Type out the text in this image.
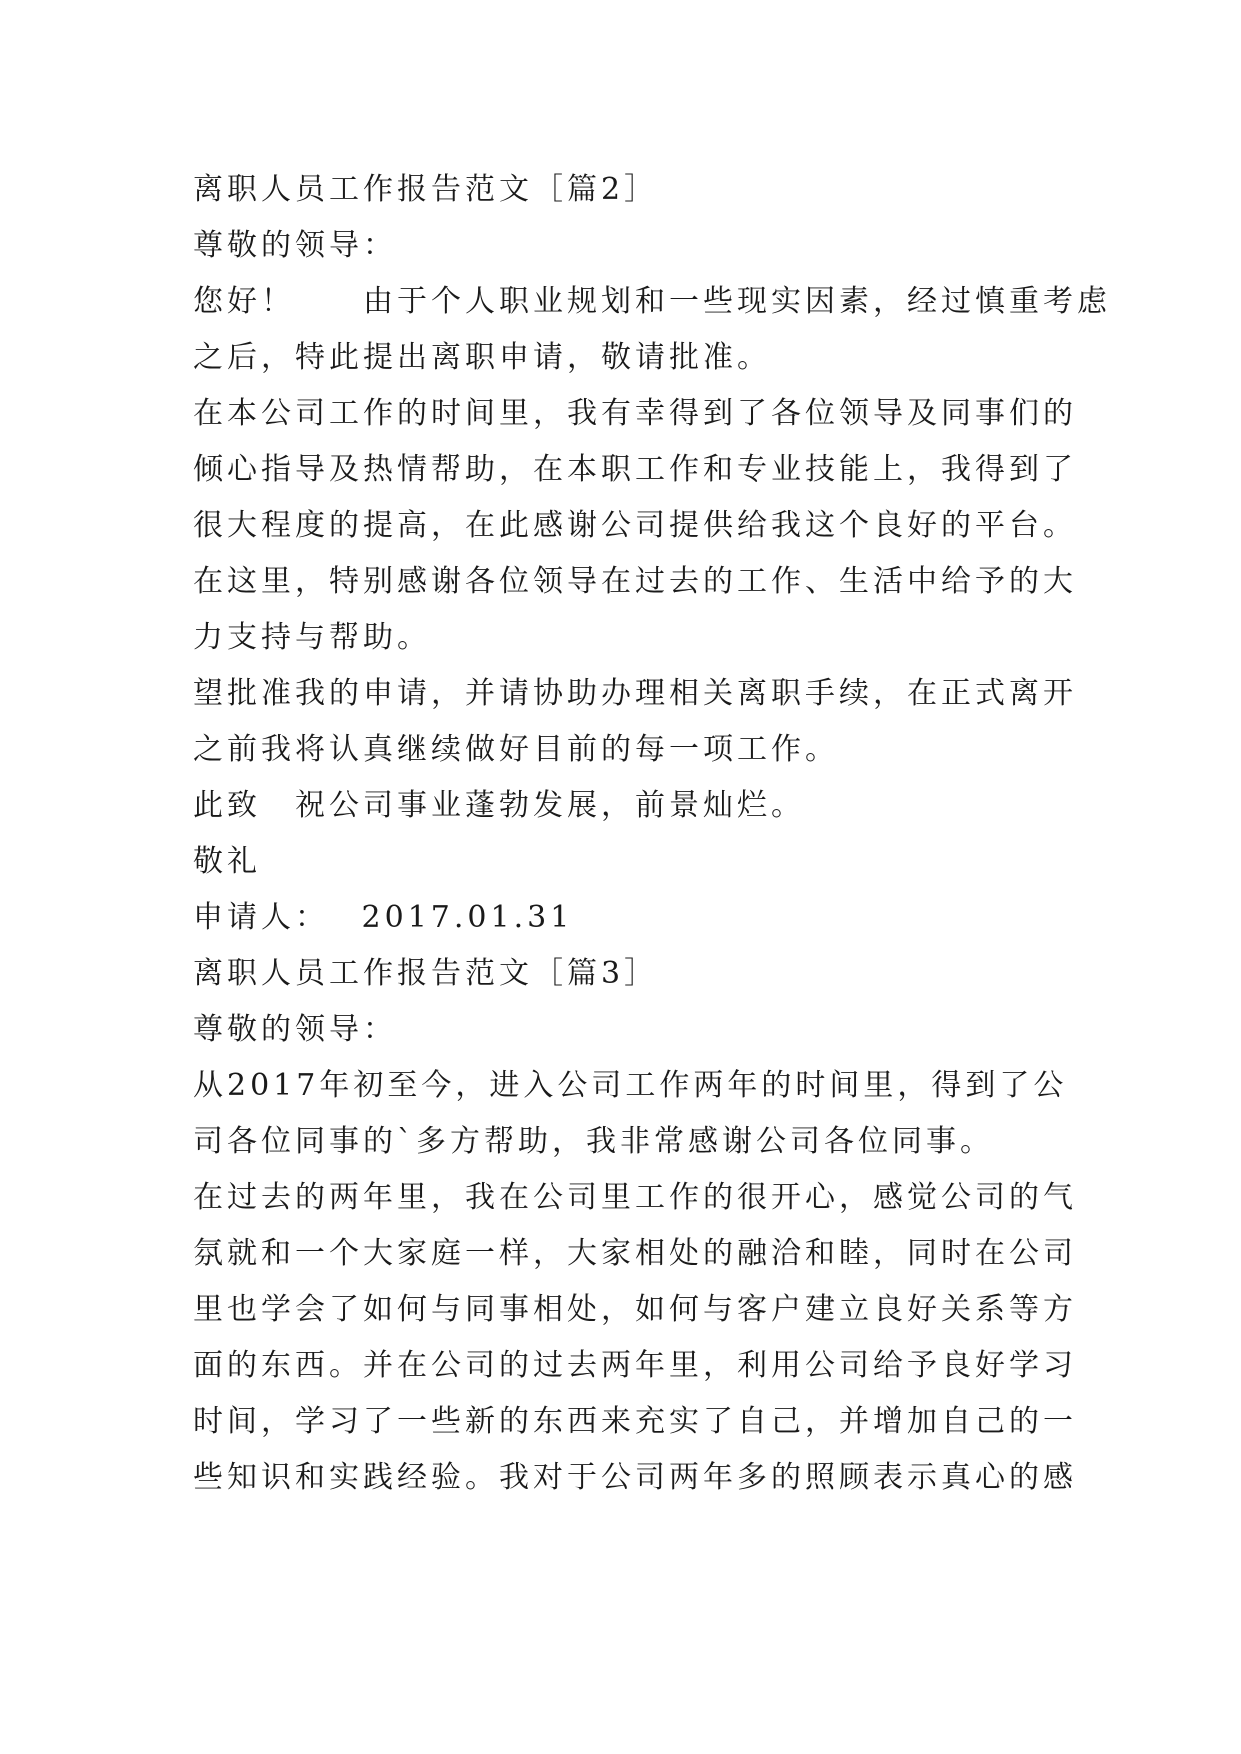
离职人员工作报告范文［篇2］

尊敬的领导：

您好！　　由于个人职业规划和一些现实因素，经过慎重考虑

之后，特此提出离职申请，敬请批准。

在本公司工作的时间里，我有幸得到了各位领导及同事们的

倾心指导及热情帮助，在本职工作和专业技能上，我得到了

很大程度的提高，在此感谢公司提供给我这个良好的平台。

在这里，特别感谢各位领导在过去的工作、生活中给予的大

力支持与帮助。

望批准我的申请，并请协助办理相关离职手续，在正式离开

之前我将认真继续做好目前的每一项工作。

此致　祝公司事业蓬勃发展，前景灿烂。

敬礼

申请人：　 2017.01.31

离职人员工作报告范文［篇3］

尊敬的领导：

从2017年初至今，进入公司工作两年的时间里，得到了公

司各位同事的`多方帮助，我非常感谢公司各位同事。

在过去的两年里，我在公司里工作的很开心，感觉公司的气

氛就和一个大家庭一样，大家相处的融洽和睦，同时在公司

里也学会了如何与同事相处，如何与客户建立良好关系等方

面的东西。并在公司的过去两年里，利用公司给予良好学习

时间，学习了一些新的东西来充实了自己，并增加自己的一

些知识和实践经验。我对于公司两年多的照顾表示真心的感
